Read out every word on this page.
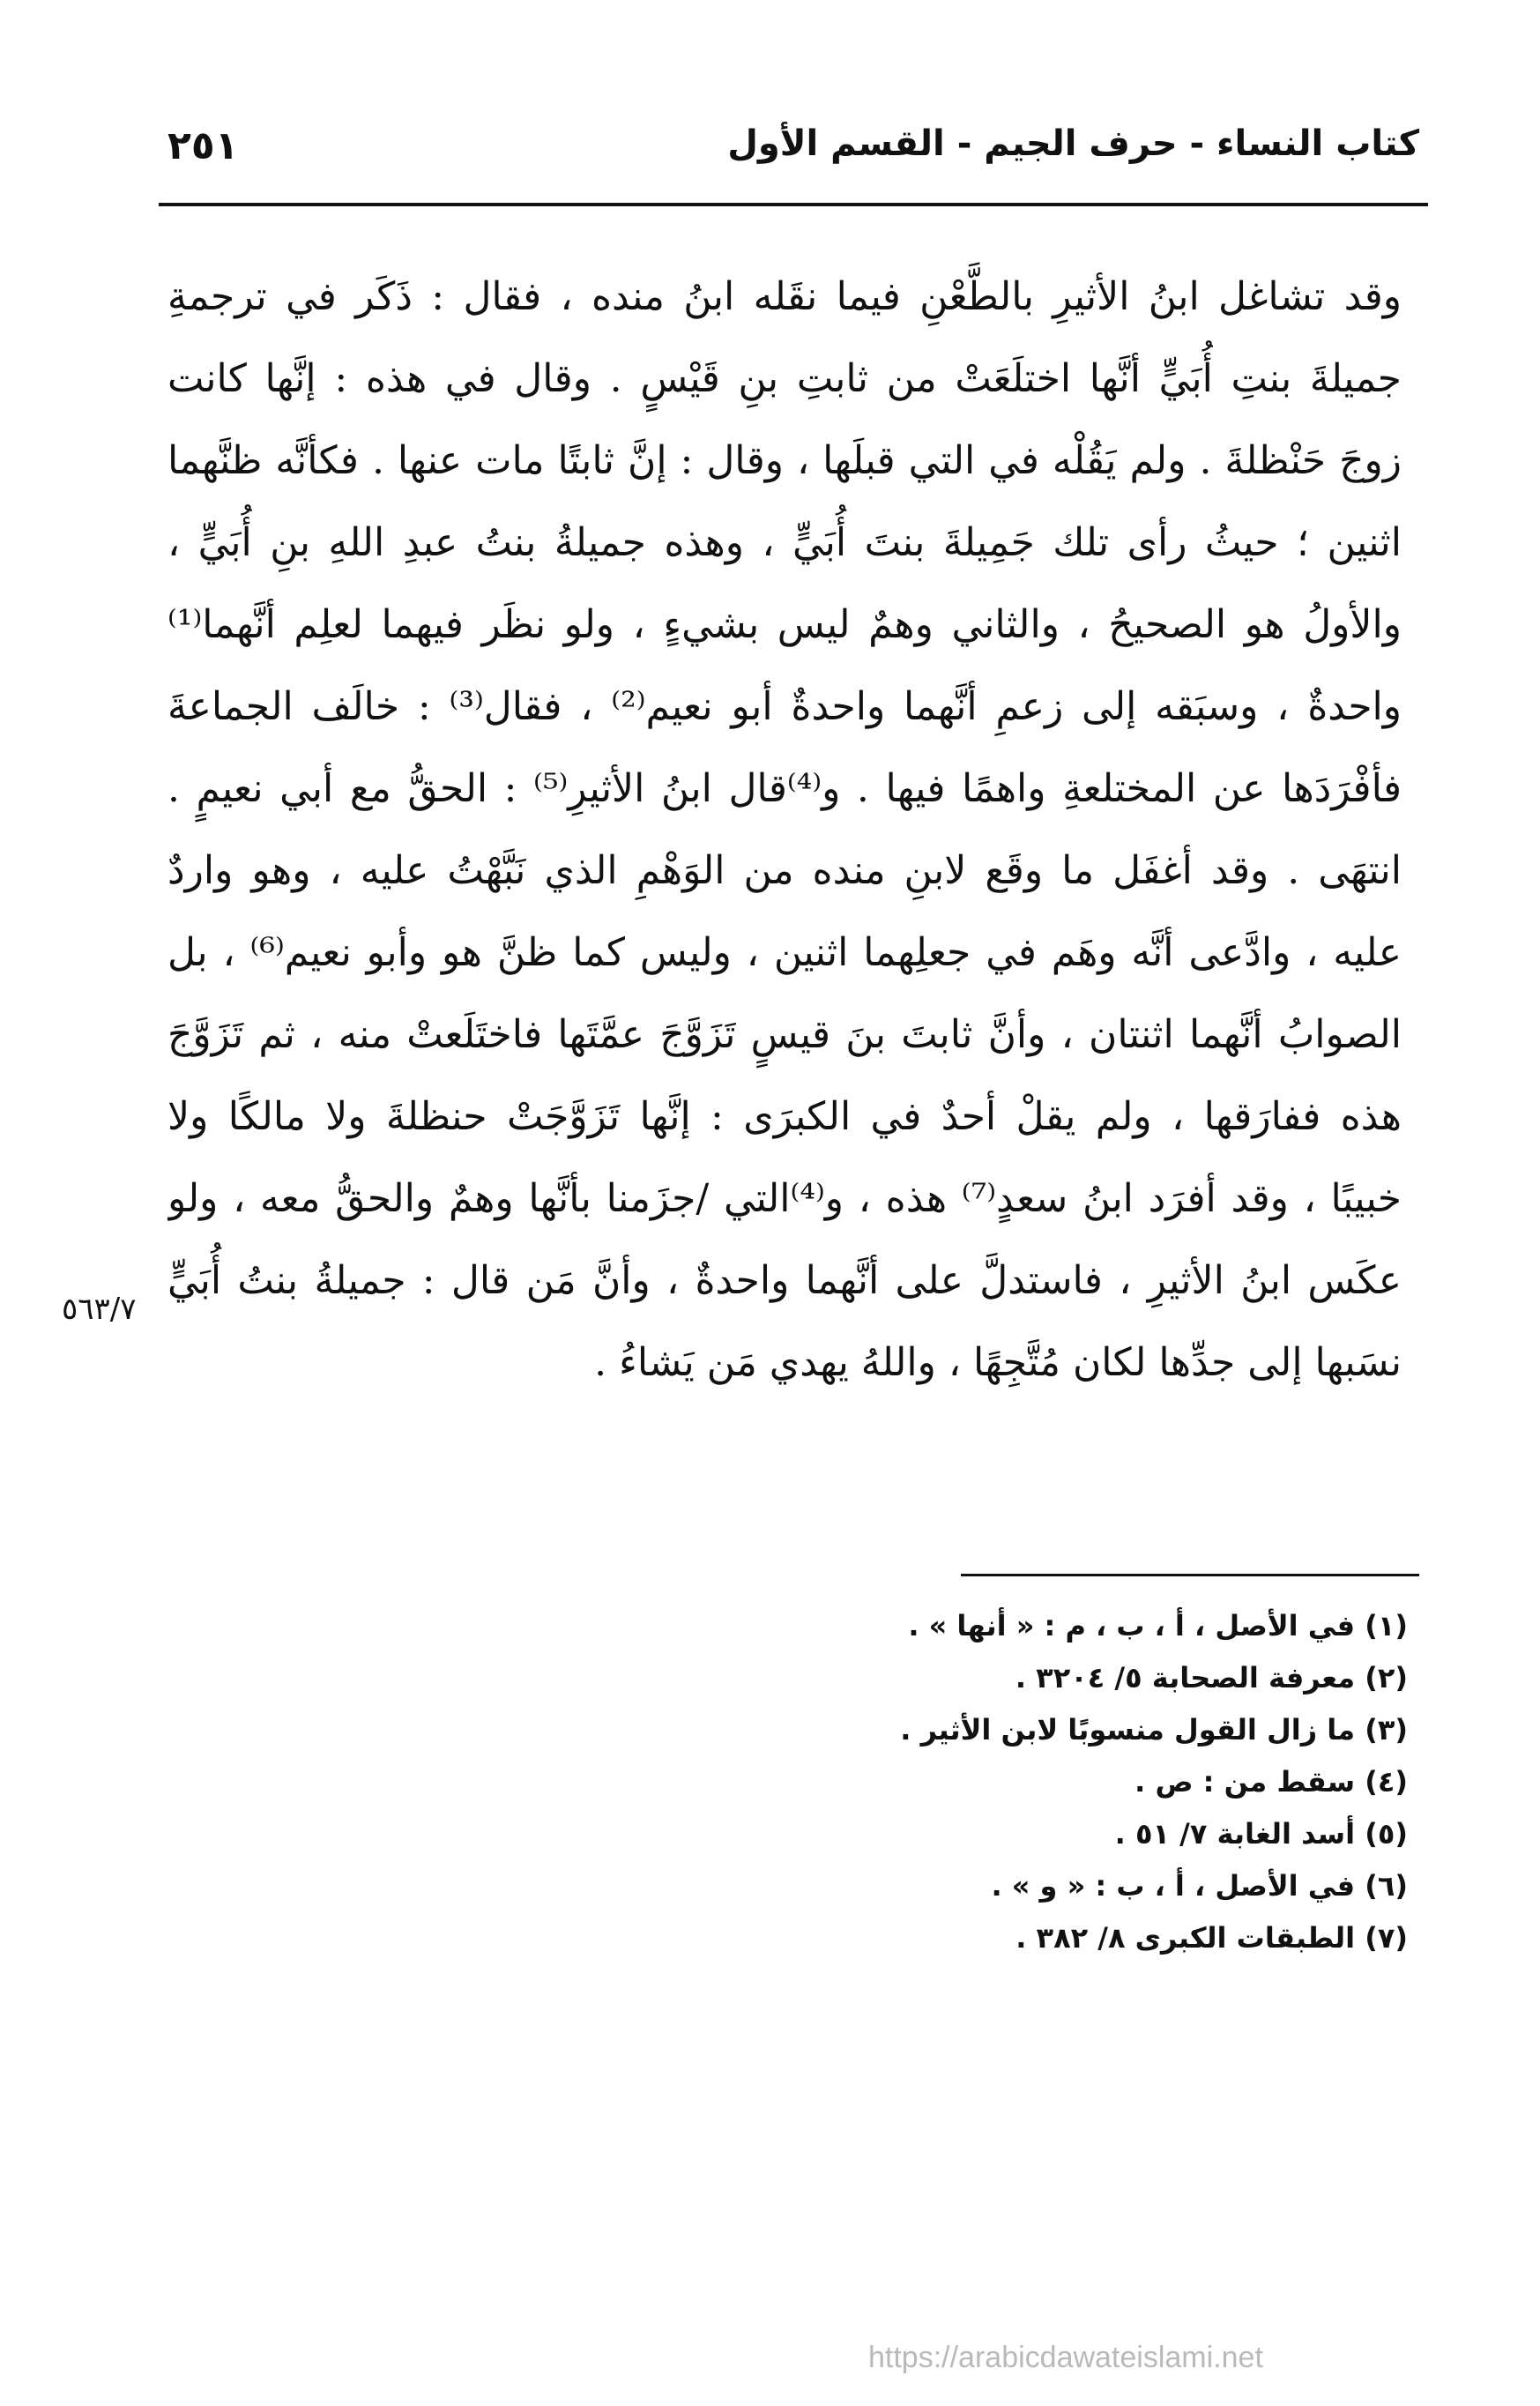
كتاب النساء - حرف الجيم - القسم الأول
٢٥١
وقد تشاغل ابنُ الأثيرِ بالطَّعْنِ فيما نقَله ابنُ منده ، فقال : ذَكَر في ترجمةِ
جميلةَ بنتِ أُبَيٍّ أنَّها اختلَعَتْ من ثابتِ بنِ قَيْسٍ . وقال في هذه : إنَّها كانت
زوجَ حَنْظلةَ . ولم يَقُلْه في التي قبلَها ، وقال : إنَّ ثابتًا مات عنها . فكأنَّه ظنَّهما
اثنين ؛ حيثُ رأى تلك جَمِيلةَ بنتَ أُبَيٍّ ، وهذه جميلةُ بنتُ عبدِ اللهِ بنِ أُبَيٍّ ،
والأولُ هو الصحيحُ ، والثاني وهمٌ ليس بشيءٍ ، ولو نظَر فيهما لعلِم أنَّهما⁽¹⁾
واحدةٌ ، وسبَقه إلى زعمِ أنَّهما واحدةٌ أبو نعيم⁽²⁾ ، فقال⁽³⁾ : خالَف الجماعةَ
فأفْرَدَها عن المختلعةِ واهمًا فيها . و⁽⁴⁾قال ابنُ الأثيرِ⁽⁵⁾ : الحقُّ مع أبي نعيمٍ .
انتهَى . وقد أغفَل ما وقَع لابنِ منده من الوَهْمِ الذي نَبَّهْتُ عليه ، وهو واردٌ
عليه ، وادَّعى أنَّه وهَم في جعلِهما اثنين ، وليس كما ظنَّ هو وأبو نعيم⁽⁶⁾ ، بل
الصوابُ أنَّهما اثنتان ، وأنَّ ثابتَ بنَ قيسٍ تَزَوَّجَ عمَّتَها فاختَلَعتْ منه ، ثم تَزَوَّجَ
هذه ففارَقها ، ولم يقلْ أحدٌ في الكبرَى : إنَّها تَزَوَّجَتْ حنظلةَ ولا مالكًا ولا
خبيبًا ، وقد أفرَد ابنُ سعدٍ⁽⁷⁾ هذه ، و⁽⁴⁾التي /جزَمنا بأنَّها وهمٌ والحقُّ معه ، ولو
عكَس ابنُ الأثيرِ ، فاستدلَّ على أنَّهما واحدةٌ ، وأنَّ مَن قال : جميلةُ بنتُ أُبَيٍّ
نسَبها إلى جدِّها لكان مُتَّجِهًا ، واللهُ يهدي مَن يَشاءُ .
٥٦٣/٧
(١) في الأصل ، أ ، ب ، م : « أنها » .
(٢) معرفة الصحابة ٥/ ٣٢٠٤ .
(٣) ما زال القول منسوبًا لابن الأثير .
(٤) سقط من : ص .
(٥) أسد الغابة ٧/ ٥١ .
(٦) في الأصل ، أ ، ب : « و » .
(٧) الطبقات الكبرى ٨/ ٣٨٢ .
https://arabicdawateislami.net
